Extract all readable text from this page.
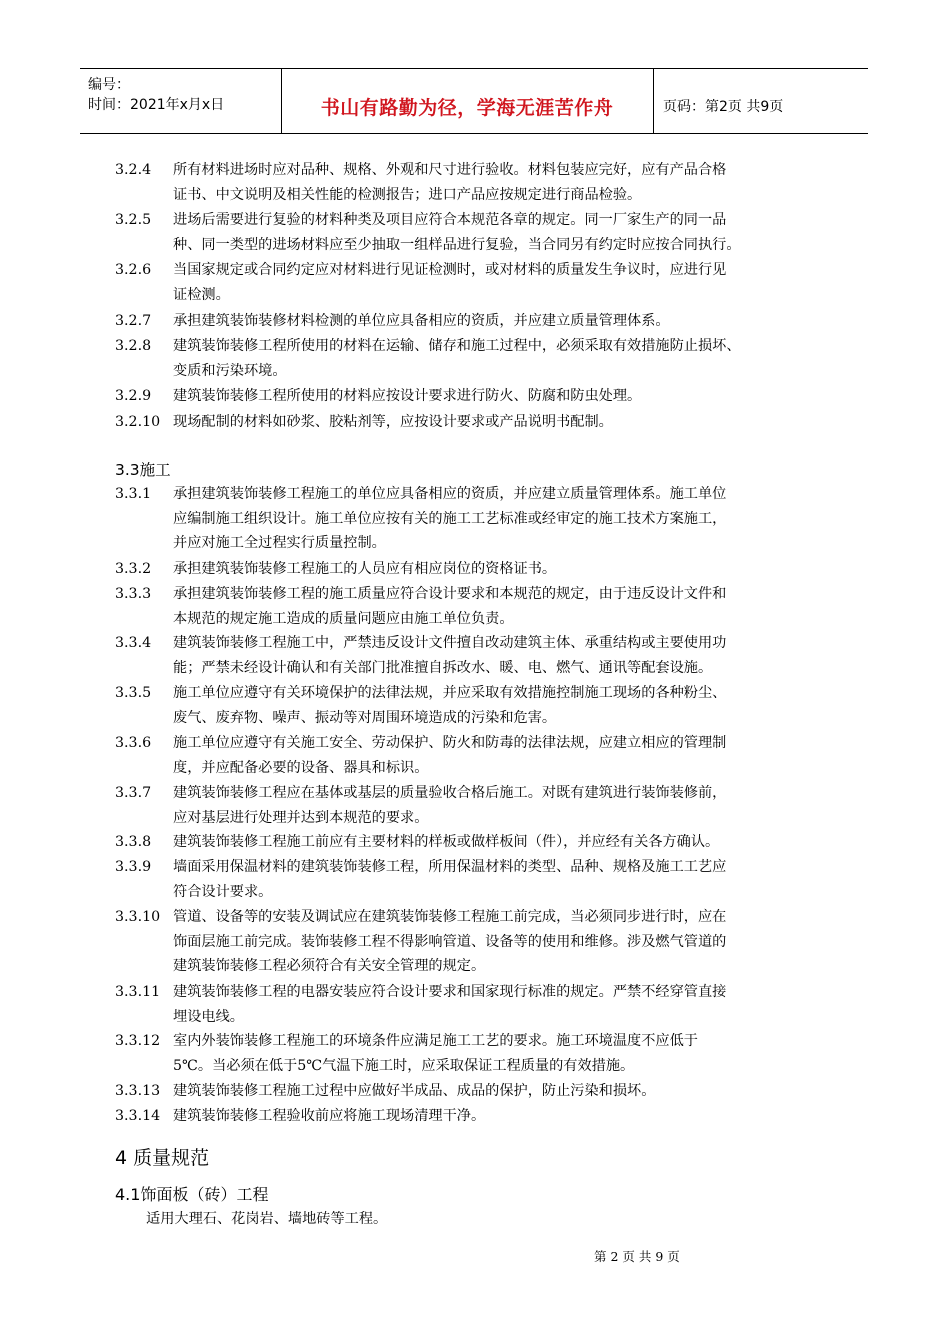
编号：
时间：2021年x月x日	书山有路勤为径，学海无涯苦作舟	页码：第2页 共9页
3.3施工
4 质量规范
4.1饰面板（砖）工程
适用大理石、花岗岩、墙地砖等工程。
3.2.4 所有材料进场时应对品种、规格、外观和尺寸进行验收。材料包装应完好，应有产品合格
证书、中文说明及相关性能的检测报告；进口产品应按规定进行商品检验。
3.2.5 进场后需要进行复验的材料种类及项目应符合本规范各章的规定。同一厂家生产的同一品
种、同一类型的进场材料应至少抽取一组样品进行复验，当合同另有约定时应按合同执行。
3.2.6 当国家规定或合同约定应对材料进行见证检测时，或对材料的质量发生争议时，应进行见
证检测。
3.2.7 承担建筑装饰装修材料检测的单位应具备相应的资质，并应建立质量管理体系。
3.2.8 建筑装饰装修工程所使用的材料在运输、储存和施工过程中，必须采取有效措施防止损坏、
变质和污染环境。
3.2.9 建筑装饰装修工程所使用的材料应按设计要求进行防火、防腐和防虫处理。
3.2.10 现场配制的材料如砂浆、胶粘剂等，应按设计要求或产品说明书配制。
3.3.1 承担建筑装饰装修工程施工的单位应具备相应的资质，并应建立质量管理体系。施工单位
应编制施工组织设计。施工单位应按有关的施工工艺标准或经审定的施工技术方案施工，
并应对施工全过程实行质量控制。
3.3.2 承担建筑装饰装修工程施工的人员应有相应岗位的资格证书。
3.3.3 承担建筑装饰装修工程的施工质量应符合设计要求和本规范的规定，由于违反设计文件和
本规范的规定施工造成的质量问题应由施工单位负责。
3.3.4 建筑装饰装修工程施工中，严禁违反设计文件擅自改动建筑主体、承重结构或主要使用功
能；严禁未经设计确认和有关部门批准擅自拆改水、暖、电、燃气、通讯等配套设施。
3.3.5 施工单位应遵守有关环境保护的法律法规，并应采取有效措施控制施工现场的各种粉尘、
废气、废弃物、噪声、振动等对周围环境造成的污染和危害。
3.3.6 施工单位应遵守有关施工安全、劳动保护、防火和防毒的法律法规，应建立相应的管理制
度，并应配备必要的设备、器具和标识。
3.3.7 建筑装饰装修工程应在基体或基层的质量验收合格后施工。对既有建筑进行装饰装修前，
应对基层进行处理并达到本规范的要求。
3.3.8 建筑装饰装修工程施工前应有主要材料的样板或做样板间（件），并应经有关各方确认。
3.3.9 墙面采用保温材料的建筑装饰装修工程，所用保温材料的类型、品种、规格及施工工艺应
符合设计要求。
3.3.10 管道、设备等的安装及调试应在建筑装饰装修工程施工前完成，当必须同步进行时，应在
饰面层施工前完成。装饰装修工程不得影响管道、设备等的使用和维修。涉及燃气管道的
建筑装饰装修工程必须符合有关安全管理的规定。
3.3.11 建筑装饰装修工程的电器安装应符合设计要求和国家现行标准的规定。严禁不经穿管直接
埋设电线。
3.3.12 室内外装饰装修工程施工的环境条件应满足施工工艺的要求。施工环境温度不应低于
5℃。当必须在低于5℃气温下施工时，应采取保证工程质量的有效措施。
3.3.13 建筑装饰装修工程施工过程中应做好半成品、成品的保护，防止污染和损坏。
3.3.14 建筑装饰装修工程验收前应将施工现场清理干净。
第 2 页 共 9 页
